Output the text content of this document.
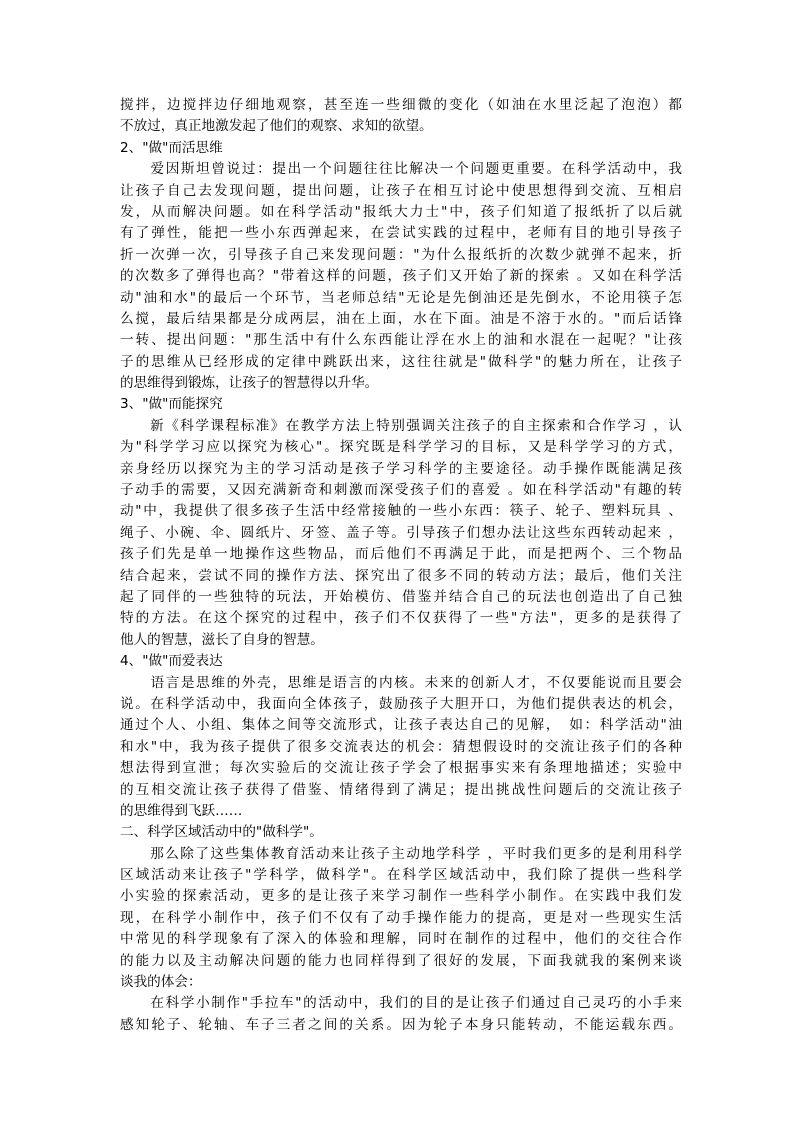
搅拌，边搅拌边仔细地观察，甚至连一些细微的变化（如油在水里泛起了泡泡）都
不放过，真正地激发起了他们的观察、求知的欲望。
2、"做"而活思维
　　爱因斯坦曾说过：提出一个问题往往比解决一个问题更重要。在科学活动中，我
让孩子自己去发现问题，提出问题，让孩子在相互讨论中使思想得到交流、互相启
发，从而解决问题。如在科学活动"报纸大力士"中，孩子们知道了报纸折了以后就
有了弹性，能把一些小东西弹起来，在尝试实践的过程中，老师有目的地引导孩子
折一次弹一次，引导孩子自己来发现问题："为什么报纸折的次数少就弹不起来，折
的次数多了弹得也高？"带着这样的问题，孩子们又开始了新的探索 。又如在科学活
动"油和水"的最后一个环节，当老师总结"无论是先倒油还是先倒水，不论用筷子怎
么搅，最后结果都是分成两层，油在上面，水在下面。油是不溶于水的。"而后话锋
一转、提出问题："那生活中有什么东西能让浮在水上的油和水混在一起呢？"让孩
子的思维从已经形成的定律中跳跃出来，这往往就是"做科学"的魅力所在，让孩子
的思维得到锻炼，让孩子的智慧得以升华。
3、"做"而能探究
　　新《科学课程标准》在教学方法上特别强调关注孩子的自主探索和合作学习 ，认
为"科学学习应以探究为核心"。探究既是科学学习的目标，又是科学学习的方式，
亲身经历以探究为主的学习活动是孩子学习科学的主要途径。动手操作既能满足孩
子动手的需要，又因充满新奇和刺激而深受孩子们的喜爱 。如在科学活动"有趣的转
动"中，我提供了很多孩子生活中经常接触的一些小东西：筷子、轮子、塑料玩具 、
绳子、小碗、伞、圆纸片、牙签、盖子等。引导孩子们想办法让这些东西转动起来 ，
孩子们先是单一地操作这些物品，而后他们不再满足于此，而是把两个、三个物品
结合起来，尝试不同的操作方法、探究出了很多不同的转动方法；最后，他们关注
起了同伴的一些独特的玩法，开始模仿、借鉴并结合自己的玩法也创造出了自己独
特的方法。在这个探究的过程中，孩子们不仅获得了一些"方法"，更多的是获得了
他人的智慧，滋长了自身的智慧。
4、"做"而爱表达
　　语言是思维的外壳，思维是语言的内核。未来的创新人才，不仅要能说而且要会
说。在科学活动中，我面向全体孩子，鼓励孩子大胆开口，为他们提供表达的机会，
通过个人、小组、集体之间等交流形式，让孩子表达自己的见解，　如：科学活动"油
和水"中，我为孩子提供了很多交流表达的机会：猜想假设时的交流让孩子们的各种
想法得到宣泄；每次实验后的交流让孩子学会了根据事实来有条理地描述；实验中
的互相交流让孩子获得了借鉴、情绪得到了满足；提出挑战性问题后的交流让孩子
的思维得到飞跃……
二、科学区域活动中的"做科学"。
　　那么除了这些集体教育活动来让孩子主动地学科学 ，平时我们更多的是利用科学
区域活动来让孩子"学科学，做科学"。在科学区域活动中，我们除了提供一些科学
小实验的探索活动，更多的是让孩子来学习制作一些科学小制作。在实践中我们发
现，在科学小制作中，孩子们不仅有了动手操作能力的提高，更是对一些现实生活
中常见的科学现象有了深入的体验和理解，同时在制作的过程中，他们的交往合作
的能力以及主动解决问题的能力也同样得到了很好的发展，下面我就我的案例来谈
谈我的体会：
　　在科学小制作"手拉车"的活动中，我们的目的是让孩子们通过自己灵巧的小手来
感知轮子、轮轴、车子三者之间的关系。因为轮子本身只能转动，不能运载东西。
